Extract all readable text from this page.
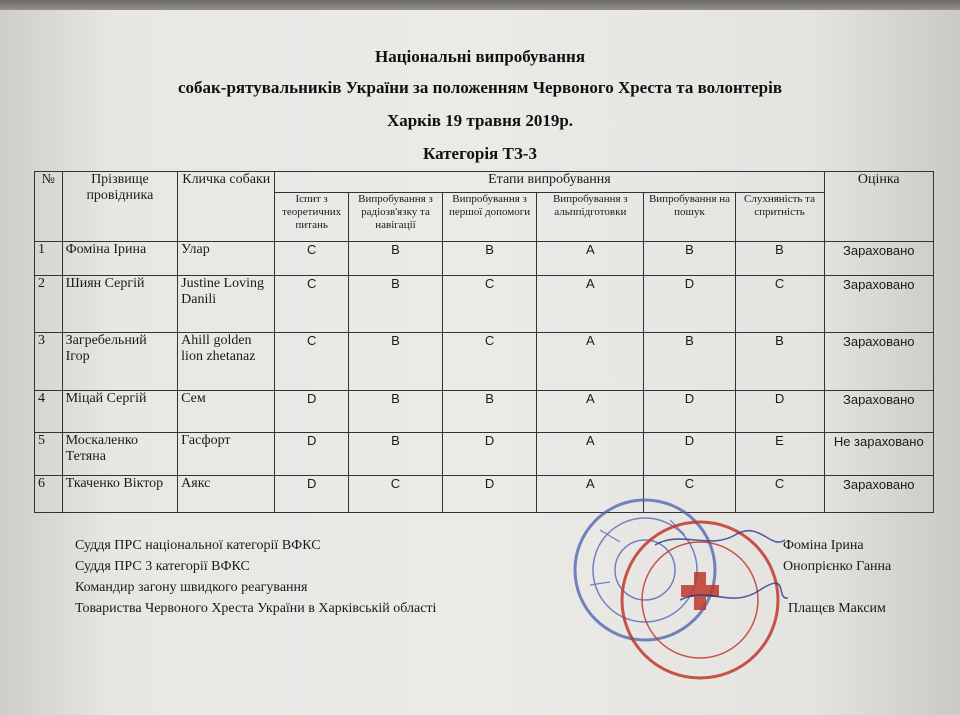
Національні випробування
собак-рятувальників України за положенням Червоного Хреста та волонтерів
Харків 19 травня 2019р.
Категорія ТЗ-3
№	Прізвище провідника	Кличка собаки	Етапи випробування						Оцінка
			Іспит з теоретичних питань	Випробування з радіозв'язку та навігації	Випробування з першої допомоги	Випробування з альппідготовки	Випробування на пошук	Слухняність та спритність	
1	Фоміна Ірина	Улар	C	B	B	A	B	B	Зараховано
2	Шиян Сергій	Justine Loving Danili	C	B	C	A	D	C	Зараховано
3	Загребельний Ігор	Ahill golden lion zhetanaz	C	B	C	A	B	B	Зараховано
4	Міцай Сергій	Сем	D	B	B	A	D	D	Зараховано
5	Москаленко Тетяна	Гасфорт	D	B	D	A	D	E	Не зараховано
6	Ткаченко Віктор	Аякс	D	C	D	A	C	C	Зараховано
Суддя ПРС національної категорії ВФКС
Суддя ПРС 3 категорії ВФКС
Командир загону швидкого реагування
Товариства Червоного Хреста України в Харківській області
Фоміна Ірина
Онопрієнко Ганна
Плащєв Максим
